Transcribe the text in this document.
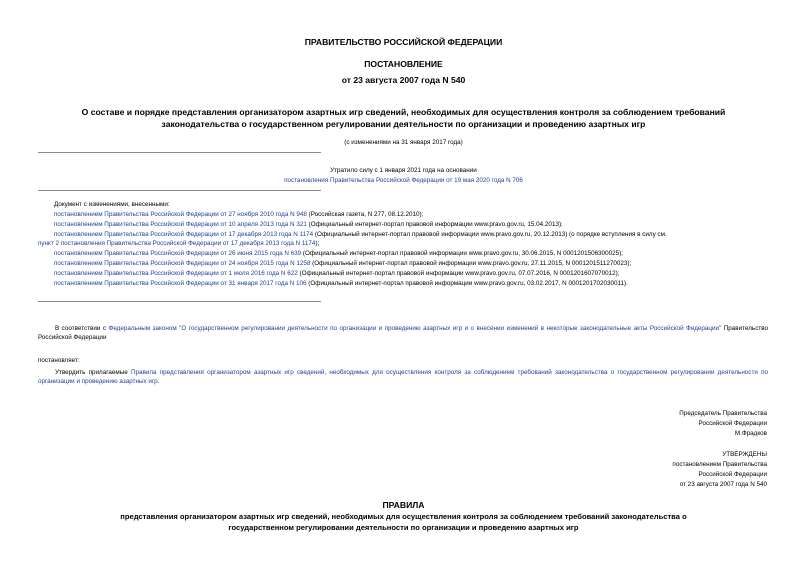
ПРАВИТЕЛЬСТВО РОССИЙСКОЙ ФЕДЕРАЦИИ
ПОСТАНОВЛЕНИЕ
от 23 августа 2007 года N 540
О составе и порядке представления организатором азартных игр сведений, необходимых для осуществления контроля за соблюдением требований
законодательства о государственном регулировании деятельности по организации и проведению азартных игр
(с изменениями на 31 января 2017 года)
Утратило силу с 1 января 2021 года на основании
постановления Правительства Российской Федерации от 19 мая 2020 года N 706
Документ с изменениями, внесенными:
постановлением Правительства Российской Федерации от 27 ноября 2010 года N 948 (Российская газета, N 277, 08.12.2010);
постановлением Правительства Российской Федерации от 10 апреля 2013 года N 321 (Официальный интернет-портал правовой информации www.pravo.gov.ru, 15.04.2013);
постановлением Правительства Российской Федерации от 17 декабря 2013 года N 1174 (Официальный интернет-портал правовой информации www.pravo.gov.ru, 20.12.2013) (о порядке вступления в силу см.
пункт 2 постановления Правительства Российской Федерации от 17 декабря 2013 года N 1174);
постановлением Правительства Российской Федерации от 26 июня 2015 года N 639 (Официальный интернет-портал правовой информации www.pravo.gov.ru, 30.06.2015, N 0001201506300025);
постановлением Правительства Российской Федерации от 24 ноября 2015 года N 1258 (Официальный интернет-портал правовой информации www.pravo.gov.ru, 27.11.2015, N 0001201511270023);
постановлением Правительства Российской Федерации от 1 июля 2016 года N 622 (Официальный интернет-портал правовой информации www.pravo.gov.ru, 07.07.2016, N 0001201607070012);
постановлением Правительства Российской Федерации от 31 января 2017 года N 106 (Официальный интернет-портал правовой информации www.pravo.gov.ru, 03.02.2017, N 0001201702030011).
В соответствии с Федеральным законом "О государственном регулировании деятельности по организации и проведению азартных игр и о внесении изменений в некоторые законодательные акты Российской Федерации" Правительство Российской Федерации
постановляет:
Утвердить прилагаемые Правила представления организатором азартных игр сведений, необходимых для осуществления контроля за соблюдением требований законодательства о государственном регулировании деятельности по организации и проведению азартных игр.
Председатель Правительства
Российской Федерации
М.Фрадков
УТВЕРЖДЕНЫ
постановлением Правительства
Российской Федерации
от 23 августа 2007 года N 540
ПРАВИЛА
представления организатором азартных игр сведений, необходимых для осуществления контроля за соблюдением требований законодательства о
государственном регулировании деятельности по организации и проведению азартных игр
